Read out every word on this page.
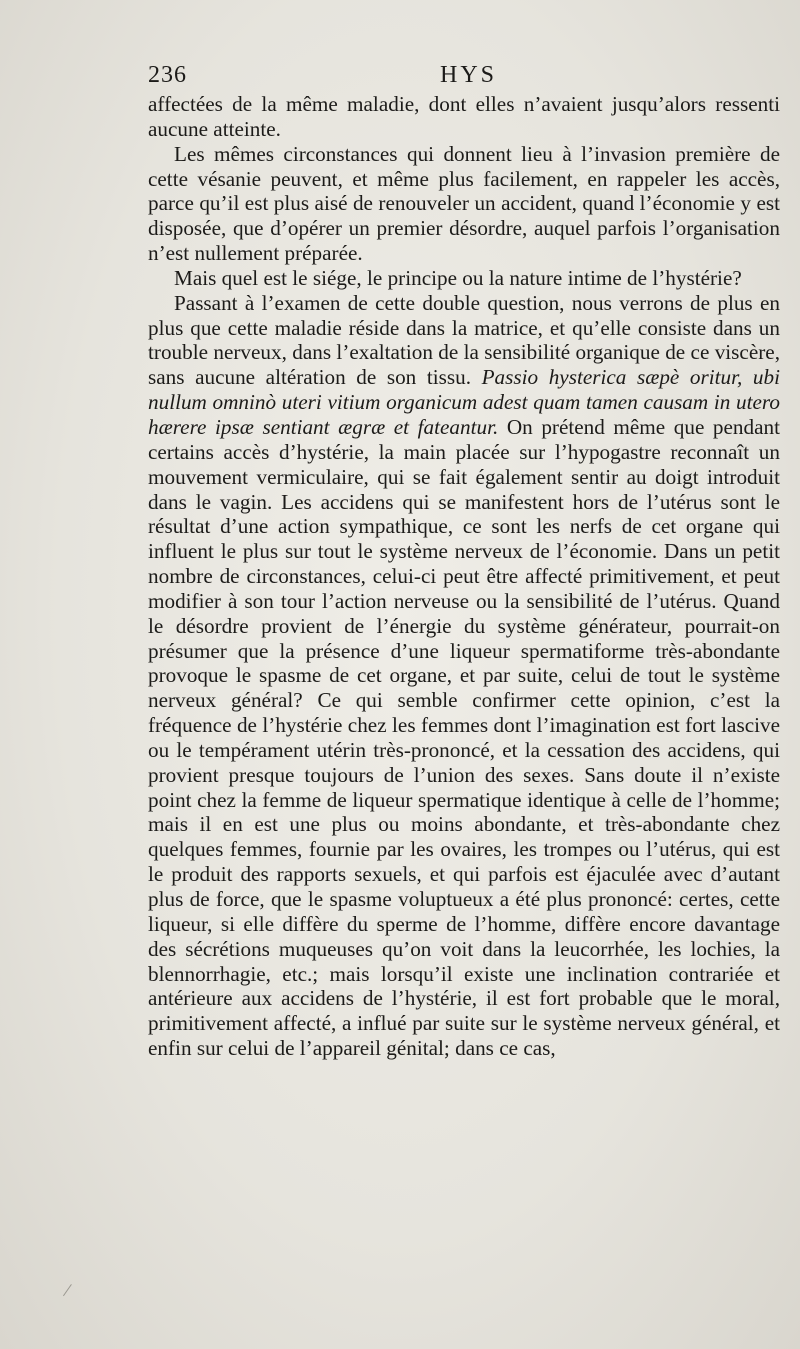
236	HYS

affectées de la même maladie, dont elles n’avaient jusqu’alors ressenti aucune atteinte.

Les mêmes circonstances qui donnent lieu à l’invasion première de cette vésanie peuvent, et même plus facilement, en rappeler les accès, parce qu’il est plus aisé de renouveler un accident, quand l’économie y est disposée, que d’opérer un premier désordre, auquel parfois l’organisation n’est nullement préparée.

Mais quel est le siége, le principe ou la nature intime de l’hystérie?

Passant à l’examen de cette double question, nous verrons de plus en plus que cette maladie réside dans la matrice, et qu’elle consiste dans un trouble nerveux, dans l’exaltation de la sensibilité organique de ce viscère, sans aucune altération de son tissu. Passio hysterica sæpè oritur, ubi nullum omninò uteri vitium organicum adest quam tamen causam in utero hærere ipsæ sentiant ægræ et fateantur. On prétend même que pendant certains accès d’hystérie, la main placée sur l’hypogastre reconnaît un mouvement vermiculaire, qui se fait également sentir au doigt introduit dans le vagin. Les accidens qui se manifestent hors de l’utérus sont le résultat d’une action sympathique, ce sont les nerfs de cet organe qui influent le plus sur tout le système nerveux de l’économie. Dans un petit nombre de circonstances, celui-ci peut être affecté primitivement, et peut modifier à son tour l’action nerveuse ou la sensibilité de l’utérus. Quand le désordre provient de l’énergie du système générateur, pourrait-on présumer que la présence d’une liqueur spermatiforme très-abondante provoque le spasme de cet organe, et par suite, celui de tout le système nerveux général? Ce qui semble confirmer cette opinion, c’est la fréquence de l’hystérie chez les femmes dont l’imagination est fort lascive ou le tempérament utérin très-prononcé, et la cessation des accidens, qui provient presque toujours de l’union des sexes. Sans doute il n’existe point chez la femme de liqueur spermatique identique à celle de l’homme; mais il en est une plus ou moins abondante, et très-abondante chez quelques femmes, fournie par les ovaires, les trompes ou l’utérus, qui est le produit des rapports sexuels, et qui parfois est éjaculée avec d’autant plus de force, que le spasme voluptueux a été plus prononcé: certes, cette liqueur, si elle diffère du sperme de l’homme, diffère encore davantage des sécrétions muqueuses qu’on voit dans la leucorrhée, les lochies, la blennorrhagie, etc.; mais lorsqu’il existe une inclination contrariée et antérieure aux accidens de l’hystérie, il est fort probable que le moral, primitivement affecté, a influé par suite sur le système nerveux général, et enfin sur celui de l’appareil génital; dans ce cas,
